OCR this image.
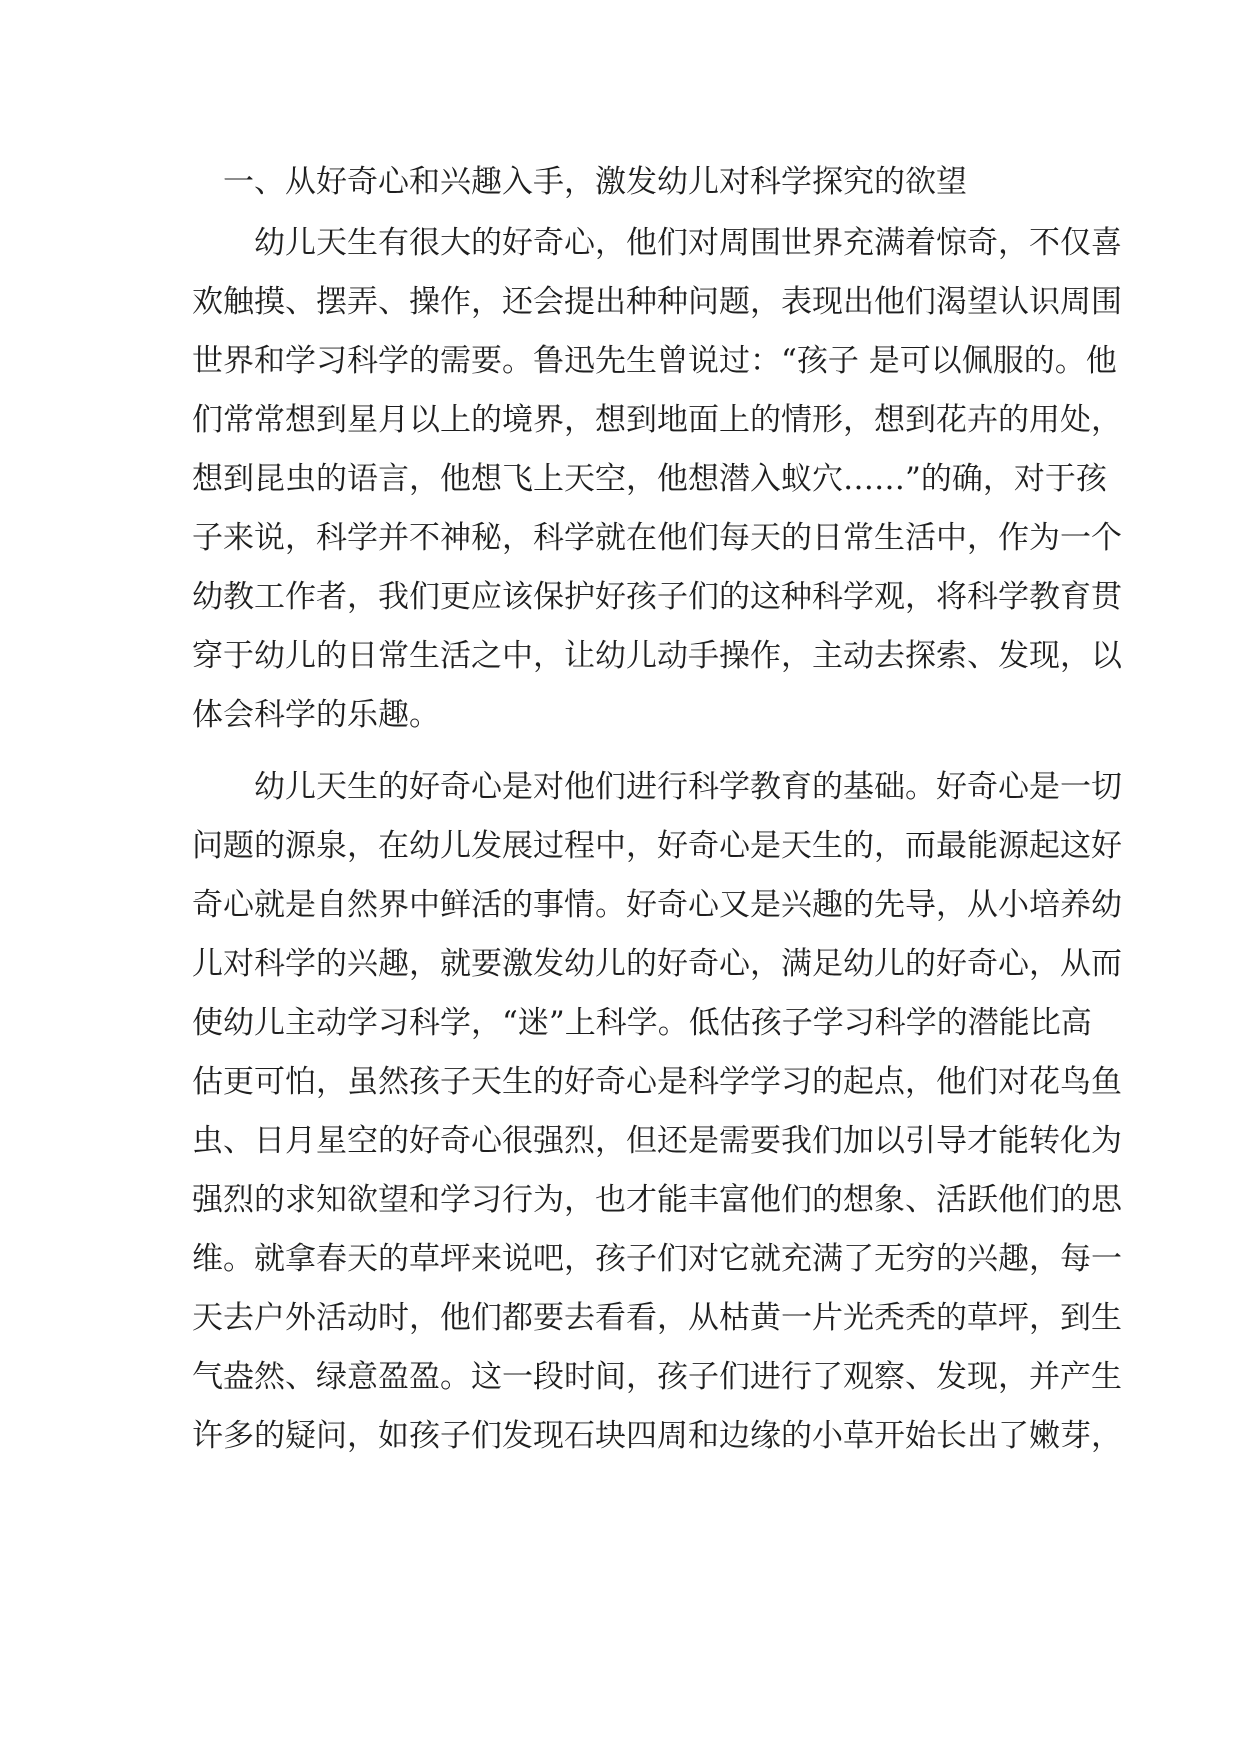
　一、从好奇心和兴趣入手，激发幼儿对科学探究的欲望

　　幼儿天生有很大的好奇心，他们对周围世界充满着惊奇，不仅喜

欢触摸、摆弄、操作，还会提出种种问题，表现出他们渴望认识周围

世界和学习科学的需要。鲁迅先生曾说过：“孩子 是可以佩服的。他

们常常想到星月以上的境界，想到地面上的情形，想到花卉的用处，

想到昆虫的语言，他想飞上天空，他想潜入蚁穴……”的确，对于孩

子来说，科学并不神秘，科学就在他们每天的日常生活中，作为一个

幼教工作者，我们更应该保护好孩子们的这种科学观，将科学教育贯

穿于幼儿的日常生活之中，让幼儿动手操作，主动去探索、发现，以

体会科学的乐趣。

　　幼儿天生的好奇心是对他们进行科学教育的基础。好奇心是一切

问题的源泉，在幼儿发展过程中，好奇心是天生的，而最能源起这好

奇心就是自然界中鲜活的事情。好奇心又是兴趣的先导，从小培养幼

儿对科学的兴趣，就要激发幼儿的好奇心，满足幼儿的好奇心，从而

使幼儿主动学习科学，“迷”上科学。低估孩子学习科学的潜能比高

估更可怕，虽然孩子天生的好奇心是科学学习的起点，他们对花鸟鱼

虫、日月星空的好奇心很强烈，但还是需要我们加以引导才能转化为

强烈的求知欲望和学习行为，也才能丰富他们的想象、活跃他们的思

维。就拿春天的草坪来说吧，孩子们对它就充满了无穷的兴趣，每一

天去户外活动时，他们都要去看看，从枯黄一片光秃秃的草坪，到生

气盎然、绿意盈盈。这一段时间，孩子们进行了观察、发现，并产生

许多的疑问，如孩子们发现石块四周和边缘的小草开始长出了嫩芽，
